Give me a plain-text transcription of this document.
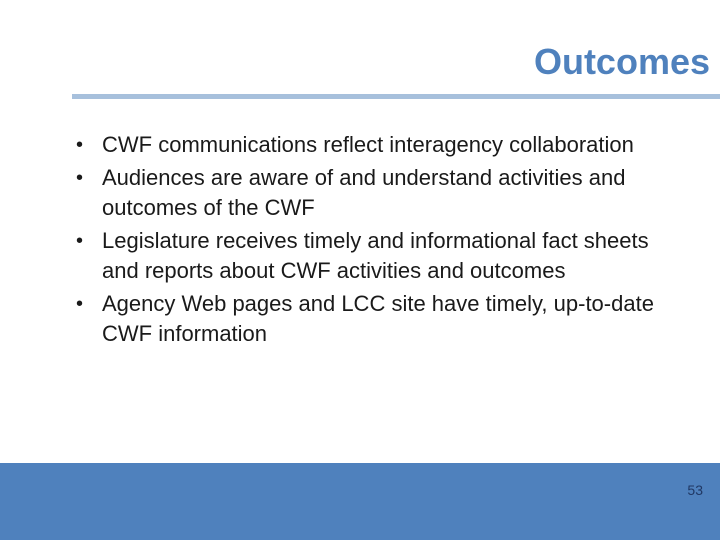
Outcomes
• CWF communications reflect interagency collaboration
• Audiences are aware of and understand activities and outcomes of the CWF
• Legislature receives timely and informational fact sheets and reports about CWF activities and outcomes
• Agency Web pages and LCC site have timely, up-to-date CWF information
53
